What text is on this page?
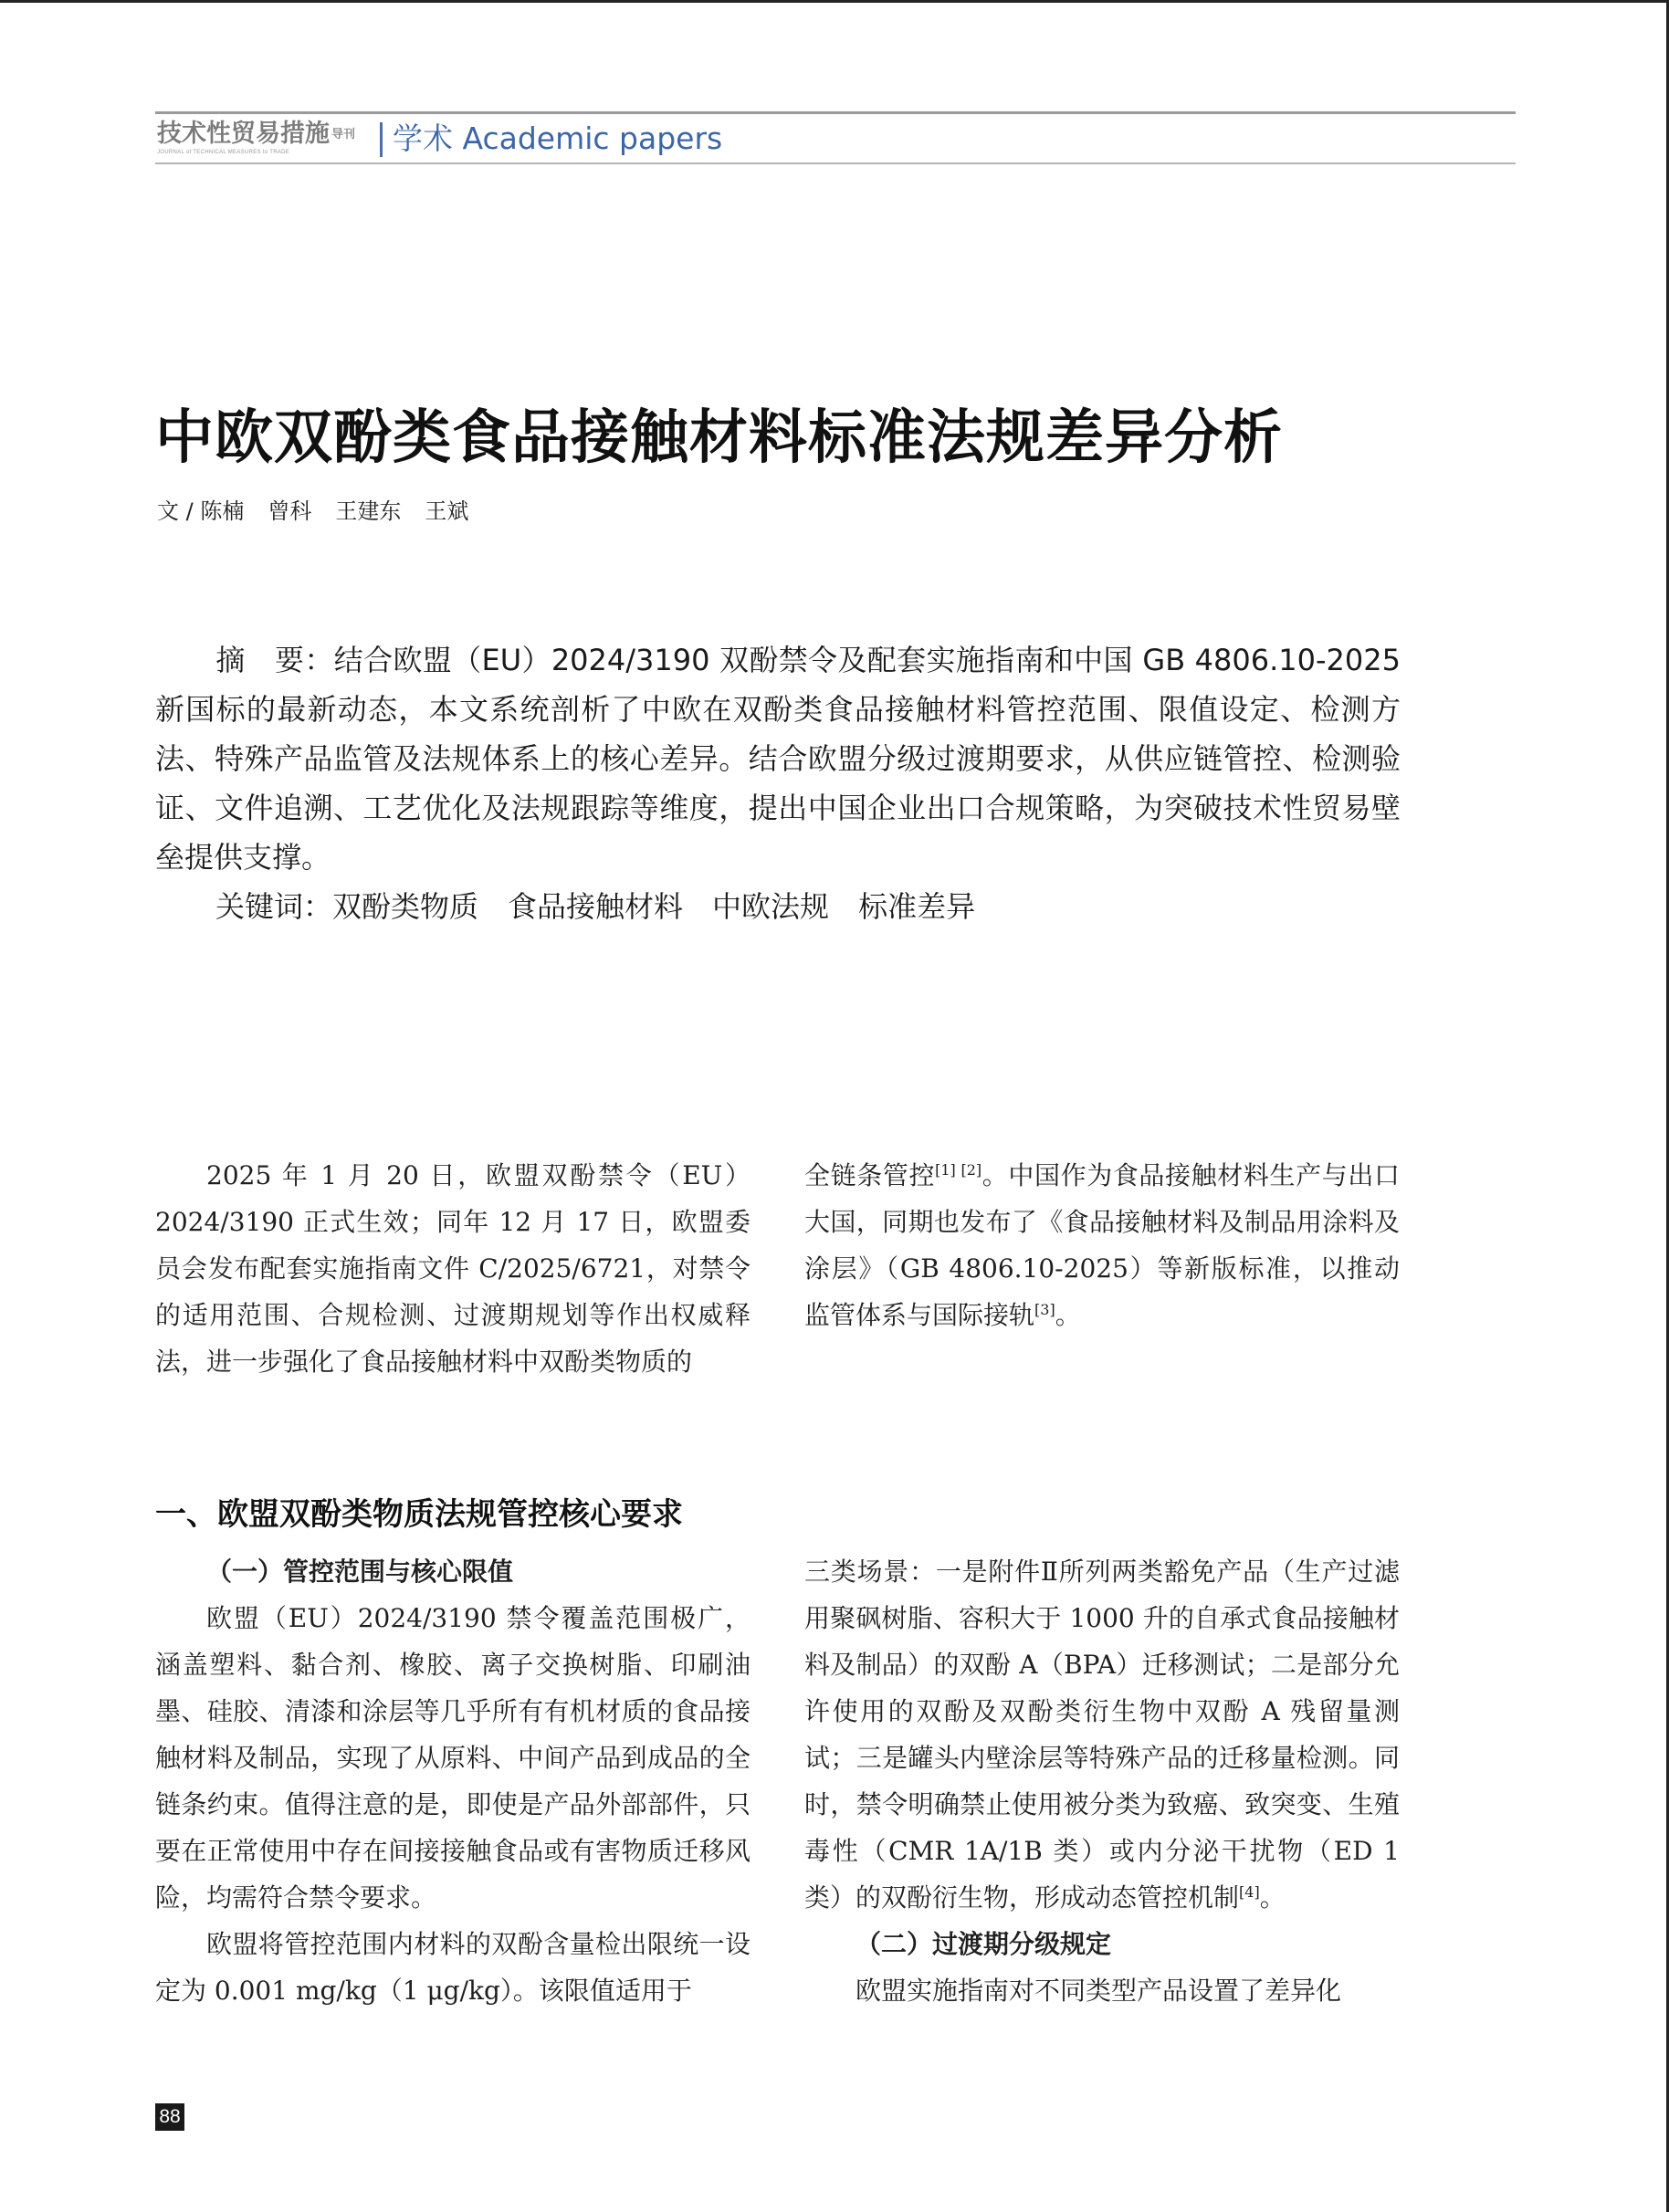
技术性贸易措施 导刊
JOURNAL of TECHNICAL MEASURES to TRADE	学术 Academic papers
中欧双酚类食品接触材料标准法规差异分析
文 / 陈楠 曾科 王建东 王斌
摘　要：结合欧盟（EU）2024/3190 双酚禁令及配套实施指南和中国 GB 4806.10-2025 新国标的最新动态，本文系统剖析了中欧在双酚类食品接触材料管控范围、限值设定、检测方法、特殊产品监管及法规体系上的核心差异。结合欧盟分级过渡期要求，从供应链管控、检测验证、文件追溯、工艺优化及法规跟踪等维度，提出中国企业出口合规策略，为突破技术性贸易壁垒提供支撑。
关键词：双酚类物质 食品接触材料 中欧法规 标准差异

2025 年 1 月 20 日，欧盟双酚禁令（EU）2024/3190 正式生效；同年 12 月 17 日，欧盟委员会发布配套实施指南文件 C/2025/6721，对禁令的适用范围、合规检测、过渡期规划等作出权威释法，进一步强化了食品接触材料中双酚类物质的

全链条管控[1] [2]。中国作为食品接触材料生产与出口大国，同期也发布了《食品接触材料及制品用涂料及涂层》（GB 4806.10-2025）等新版标准，以推动监管体系与国际接轨[3]。

一、欧盟双酚类物质法规管控核心要求

（一）管控范围与核心限值

欧盟（EU）2024/3190 禁令覆盖范围极广，涵盖塑料、黏合剂、橡胶、离子交换树脂、印刷油墨、硅胶、清漆和涂层等几乎所有有机材质的食品接触材料及制品，实现了从原料、中间产品到成品的全链条约束。值得注意的是，即使是产品外部部件，只要在正常使用中存在间接接触食品或有害物质迁移风险，均需符合禁令要求。

欧盟将管控范围内材料的双酚含量检出限统一设定为 0.001 mg/kg（1 μg/kg）。该限值适用于

三类场景：一是附件Ⅱ所列两类豁免产品（生产过滤用聚砜树脂、容积大于 1000 升的自承式食品接触材料及制品）的双酚 A（BPA）迁移测试；二是部分允许使用的双酚及双酚类衍生物中双酚 A 残留量测试；三是罐头内壁涂层等特殊产品的迁移量检测。同时，禁令明确禁止使用被分类为致癌、致突变、生殖毒性（CMR 1A/1B 类）或内分泌干扰物（ED 1 类）的双酚衍生物，形成动态管控机制[4]。

（二）过渡期分级规定

欧盟实施指南对不同类型产品设置了差异化

88
